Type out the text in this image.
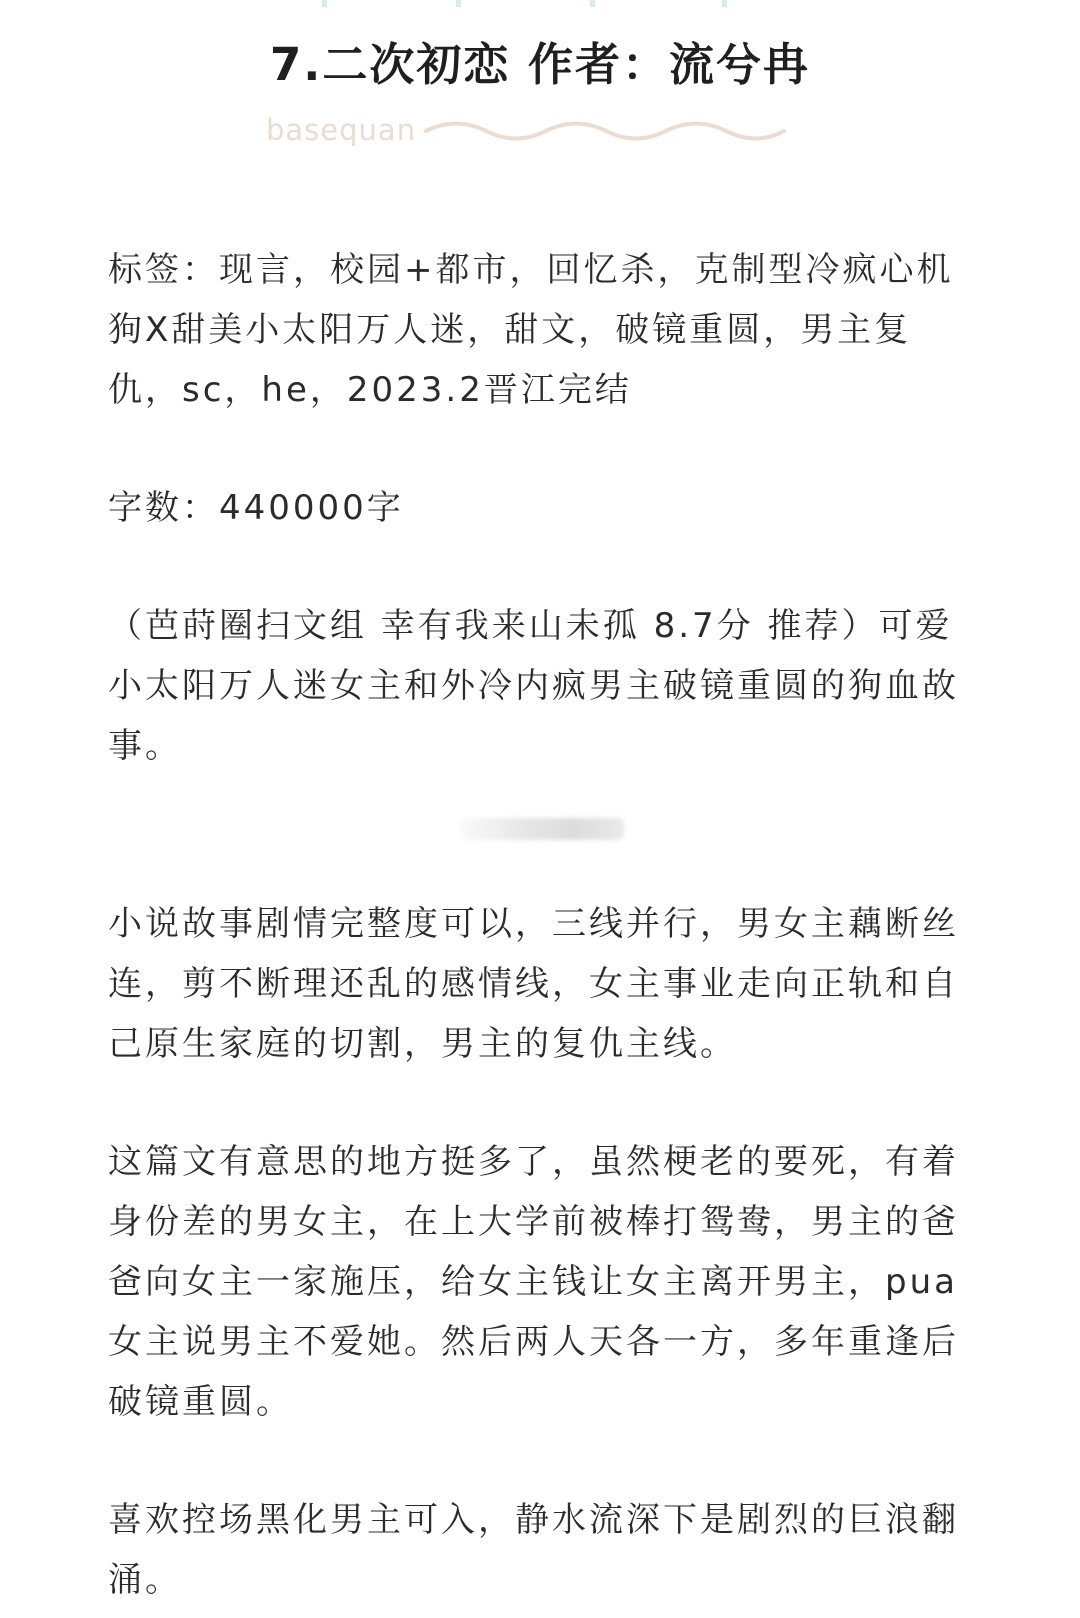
7.二次初恋 作者：流兮冉
basequan

标签：现言，校园+都市，回忆杀，克制型冷疯心机狗X甜美小太阳万人迷，甜文，破镜重圆，男主复仇，sc，he，2023.2晋江完结

字数：440000字

（芭莳圈扫文组 幸有我来山未孤 8.7分 推荐）可爱小太阳万人迷女主和外冷内疯男主破镜重圆的狗血故事。

小说故事剧情完整度可以，三线并行，男女主藕断丝连，剪不断理还乱的感情线，女主事业走向正轨和自己原生家庭的切割，男主的复仇主线。

这篇文有意思的地方挺多了，虽然梗老的要死，有着身份差的男女主，在上大学前被棒打鸳鸯，男主的爸爸向女主一家施压，给女主钱让女主离开男主，pua女主说男主不爱她。然后两人天各一方，多年重逢后破镜重圆。

喜欢控场黑化男主可入，静水流深下是剧烈的巨浪翻涌。
